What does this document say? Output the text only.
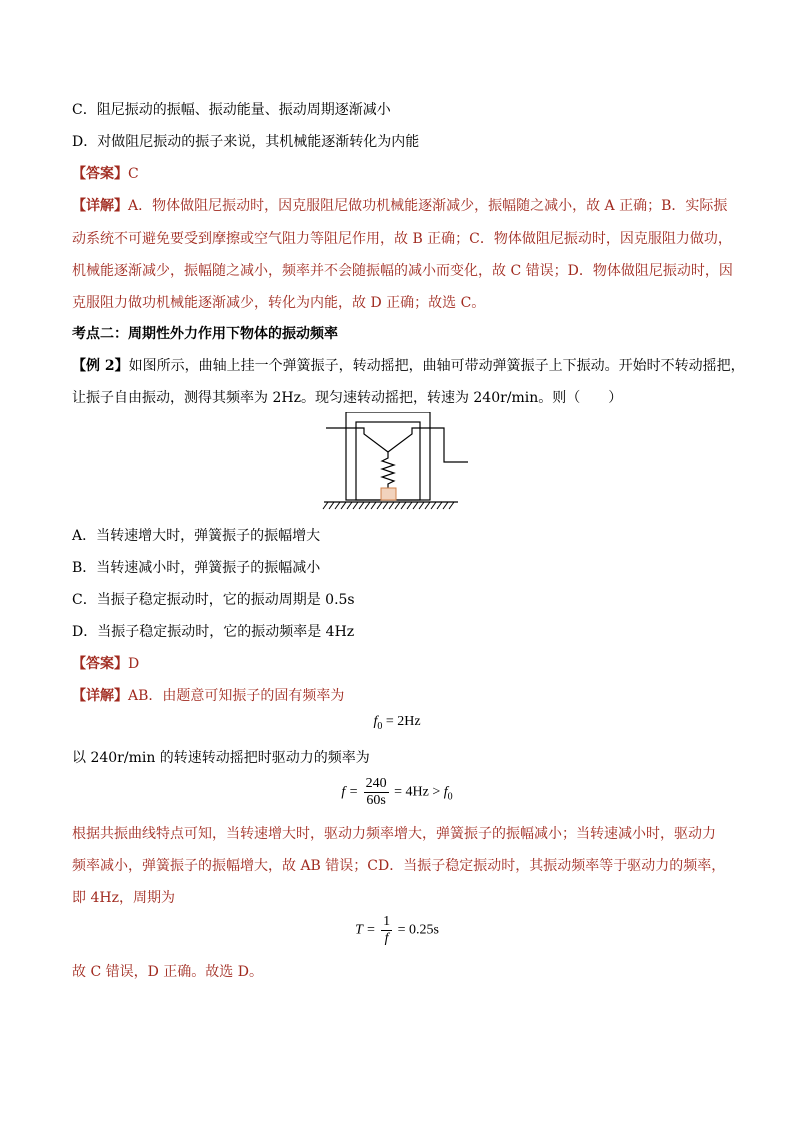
C．阻尼振动的振幅、振动能量、振动周期逐渐减小
D．对做阻尼振动的振子来说，其机械能逐渐转化为内能
【答案】C
【详解】A．物体做阻尼振动时，因克服阻尼做功机械能逐渐减少，振幅随之减小，故 A 正确；B．实际振
动系统不可避免要受到摩擦或空气阻力等阻尼作用，故 B 正确；C．物体做阻尼振动时，因克服阻力做功，
机械能逐渐减少，振幅随之减小，频率并不会随振幅的减小而变化，故 C 错误；D．物体做阻尼振动时，因
克服阻力做功机械能逐渐减少，转化为内能，故 D 正确；故选 C。
考点二：周期性外力作用下物体的振动频率
【例 2】如图所示，曲轴上挂一个弹簧振子，转动摇把，曲轴可带动弹簧振子上下振动。开始时不转动摇把，
让振子自由振动，测得其频率为 2Hz。现匀速转动摇把，转速为 240r/min。则（　　）
A．当转速增大时，弹簧振子的振幅增大
B．当转速减小时，弹簧振子的振幅减小
C．当振子稳定振动时，它的振动周期是 0.5s
D．当振子稳定振动时，它的振动频率是 4Hz
【答案】D
【详解】AB．由题意可知振子的固有频率为
$f_0 = 2Hz$
以 240r/min 的转速转动摇把时驱动力的频率为
$f = \frac{240}{60s} = 4Hz > f_0$
根据共振曲线特点可知，当转速增大时，驱动力频率增大，弹簧振子的振幅减小；当转速减小时，驱动力
频率减小，弹簧振子的振幅增大，故 AB 错误；CD．当振子稳定振动时，其振动频率等于驱动力的频率，
即 4Hz，周期为
$T = \frac{1}{f} = 0.25s$
故 C 错误，D 正确。故选 D。
